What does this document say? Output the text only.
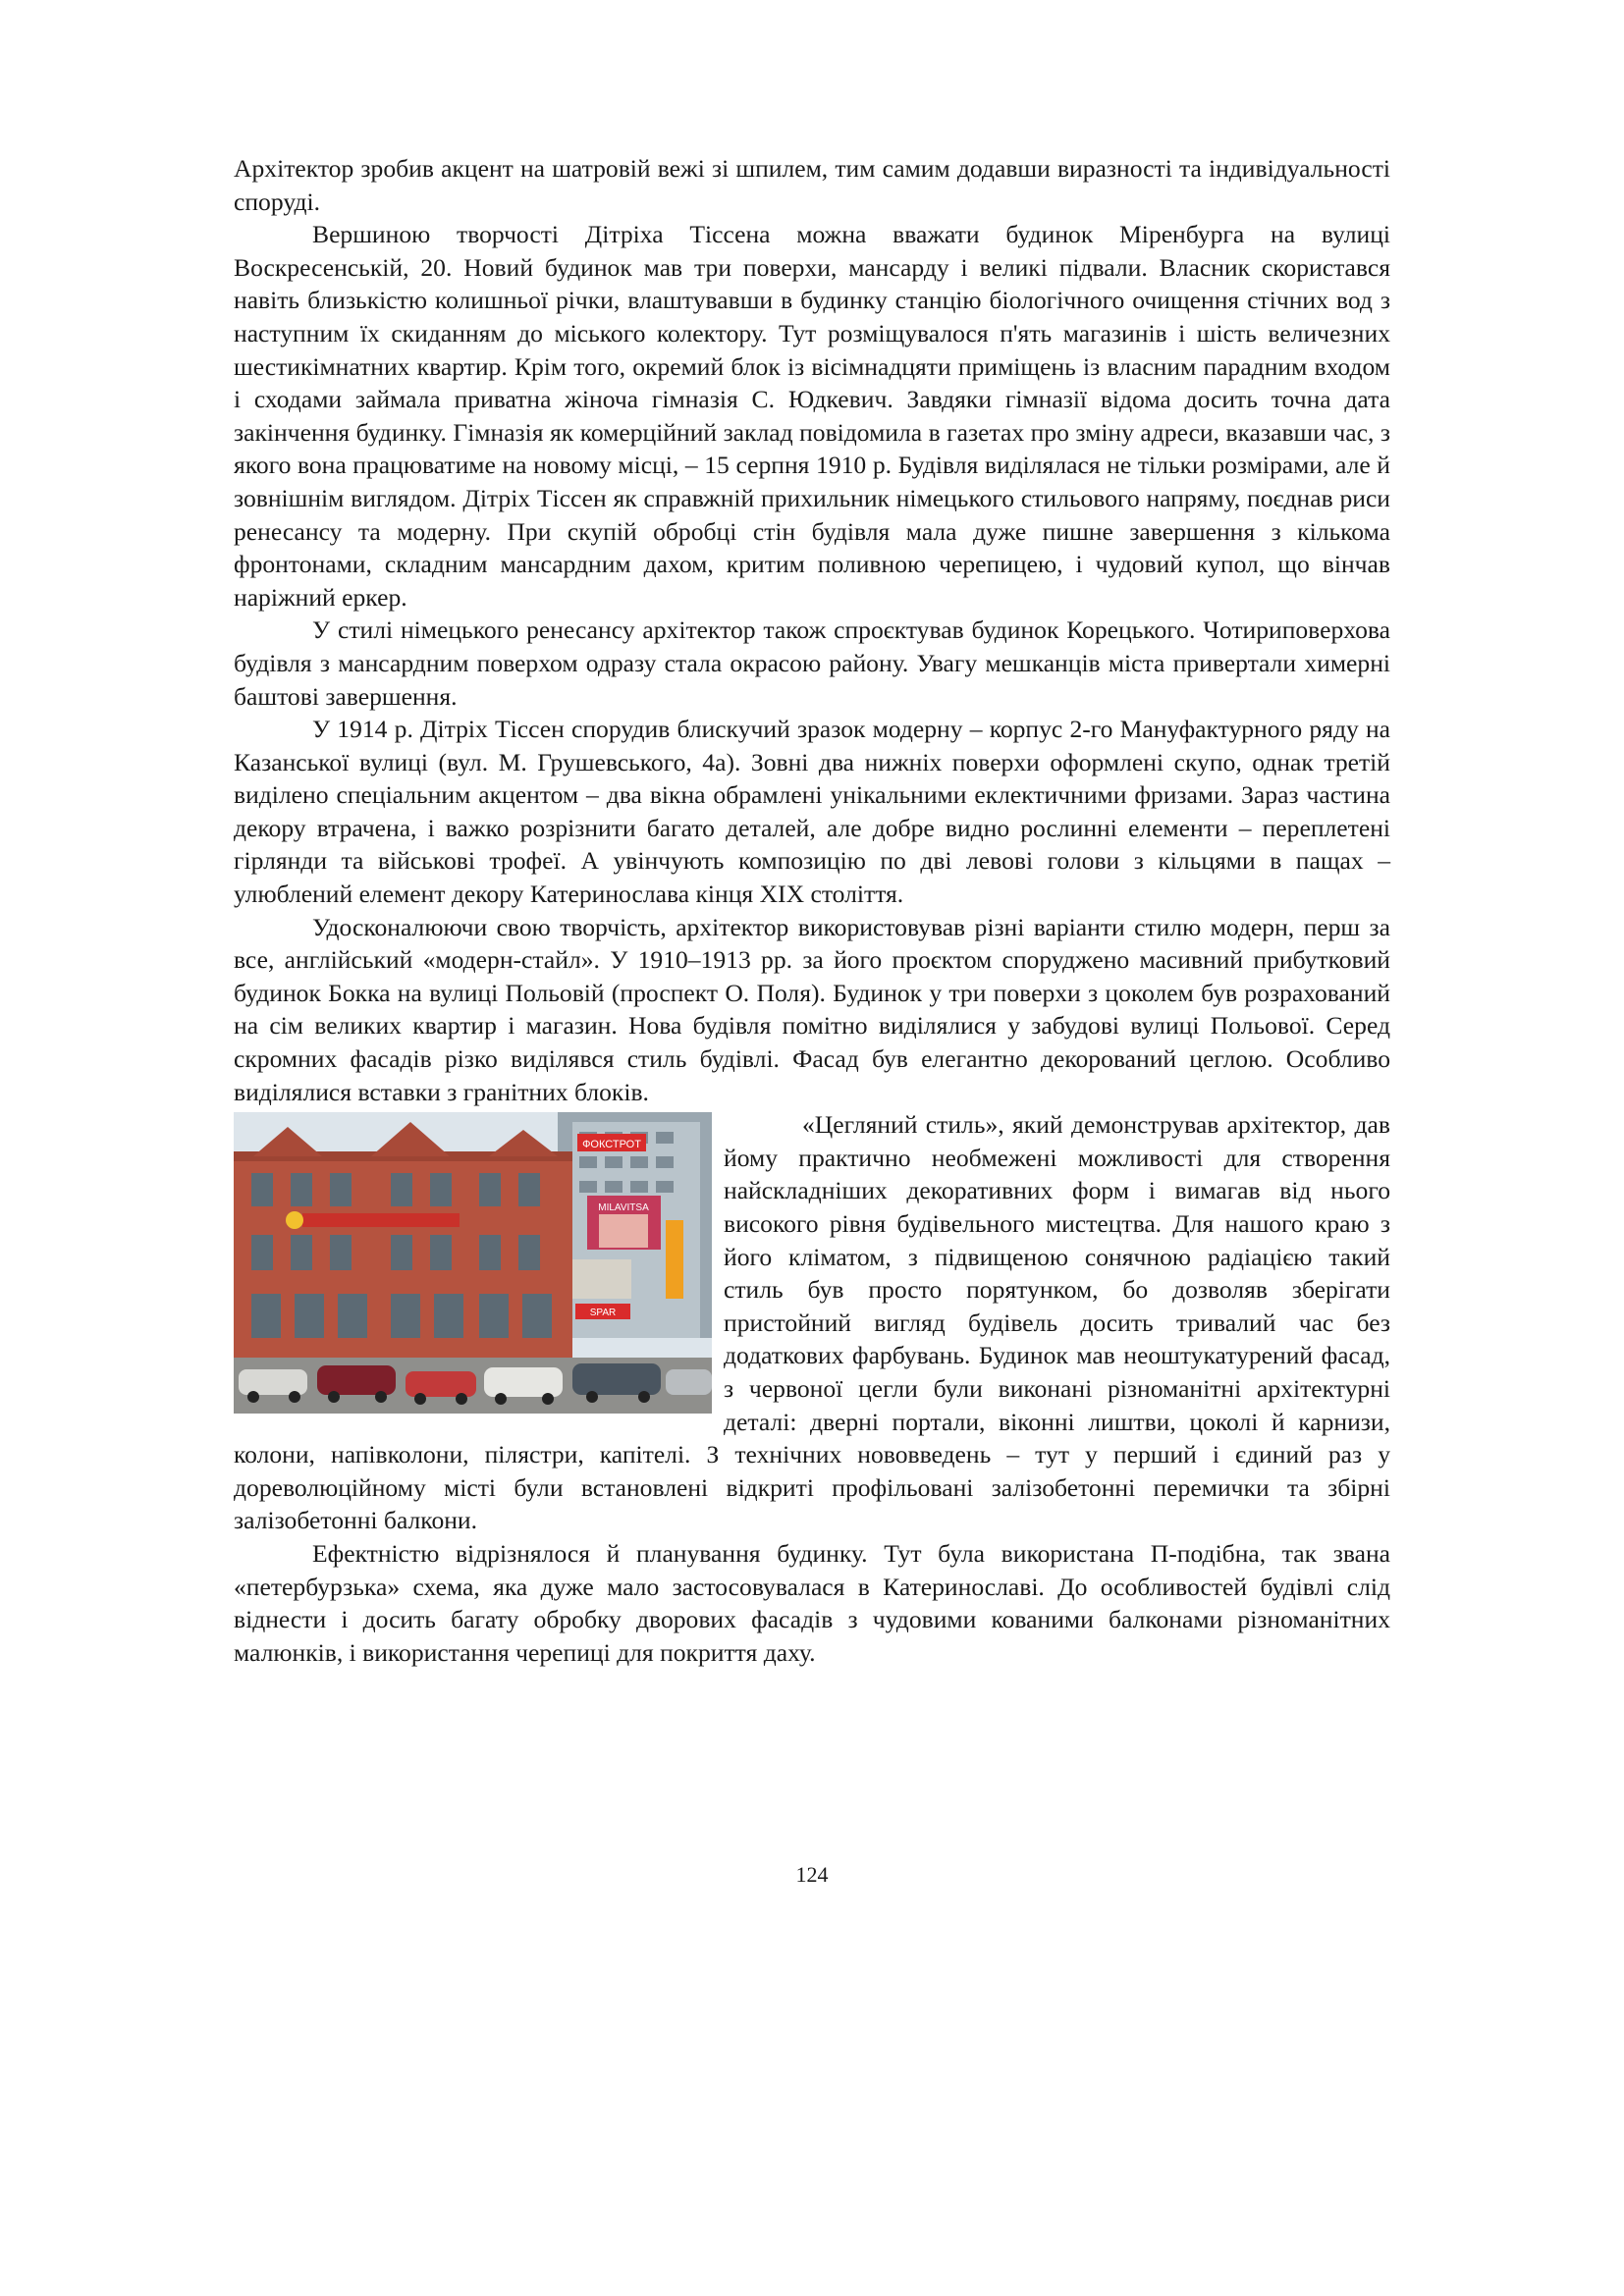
Архітектор зробив акцент на шатровій вежі зі шпилем, тим самим додавши виразності та індивідуальності споруді.

Вершиною творчості Дітріха Тіссена можна вважати будинок Міренбурга на вулиці Воскресенській, 20. Новий будинок мав три поверхи, мансарду і великі підвали. Власник скористався навіть близькістю колишньої річки, влаштувавши в будинку станцію біологічного очищення стічних вод з наступним їх скиданням до міського колектору. Тут розміщувалося п'ять магазинів і шість величезних шестикімнатних квартир. Крім того, окремий блок із вісімнадцяти приміщень із власним парадним входом і сходами займала приватна жіноча гімназія С. Юдкевич. Завдяки гімназії відома досить точна дата закінчення будинку. Гімназія як комерційний заклад повідомила в газетах про зміну адреси, вказавши час, з якого вона працюватиме на новому місці, – 15 серпня 1910 р. Будівля виділялася не тільки розмірами, але й зовнішнім виглядом. Дітріх Тіссен як справжній прихильник німецького стильового напряму, поєднав риси ренесансу та модерну. При скупій обробці стін будівля мала дуже пишне завершення з кількома фронтонами, складним мансардним дахом, критим поливною черепицею, і чудовий купол, що вінчав наріжний еркер.

У стилі німецького ренесансу архітектор також спроєктував будинок Корецького. Чотириповерхова будівля з мансардним поверхом одразу стала окрасою району. Увагу мешканців міста привертали химерні баштові завершення.

У 1914 р. Дітріх Тіссен спорудив блискучий зразок модерну – корпус 2-го Мануфактурного ряду на Казанської вулиці (вул. М. Грушевського, 4а). Зовні два нижніх поверхи оформлені скупо, однак третій виділено спеціальним акцентом – два вікна обрамлені унікальними еклектичними фризами. Зараз частина декору втрачена, і важко розрізнити багато деталей, але добре видно рослинні елементи – переплетені гірлянди та військові трофеї. А увінчують композицію по дві левові голови з кільцями в пащах – улюблений елемент декору Катеринослава кінця XIX століття.

Удосконалюючи свою творчість, архітектор використовував різні варіанти стилю модерн, перш за все, англійський «модерн-стайл». У 1910–1913 рр. за його проєктом споруджено масивний прибутковий будинок Бокка на вулиці Польовій (проспект О. Поля). Будинок у три поверхи з цоколем був розрахований на сім великих квартир і магазин. Нова будівля помітно виділялися у забудові вулиці Польової. Серед скромних фасадів різко виділявся стиль будівлі. Фасад був елегантно декорований цеглою. Особливо виділялися вставки з гранітних блоків.

ФОКСТРОТ
MILAVITSA
SPAR

«Цегляний стиль», який демонстрував архітектор, дав йому практично необмежені можливості для створення найскладніших декоративних форм і вимагав від нього високого рівня будівельного мистецтва. Для нашого краю з його кліматом, з підвищеною сонячною радіацією такий стиль був просто порятунком, бо дозволяв зберігати пристойний вигляд будівель досить тривалий час без додаткових фарбувань. Будинок мав неоштукатурений фасад, з червоної цегли були виконані різноманітні архітектурні деталі: дверні портали, віконні лиштви, цоколі й карнизи, колони, напівколони, пілястри, капітелі. З технічних нововведень – тут у перший і єдиний раз у дореволюційному місті були встановлені відкриті профільовані залізобетонні перемички та збірні залізобетонні балкони.

Ефектністю відрізнялося й планування будинку. Тут була використана П-подібна, так звана «петербурзька» схема, яка дуже мало застосовувалася в Катеринославі. До особливостей будівлі слід віднести і досить багату обробку дворових фасадів з чудовими кованими балконами різноманітних малюнків, і використання черепиці для покриття даху.

124
